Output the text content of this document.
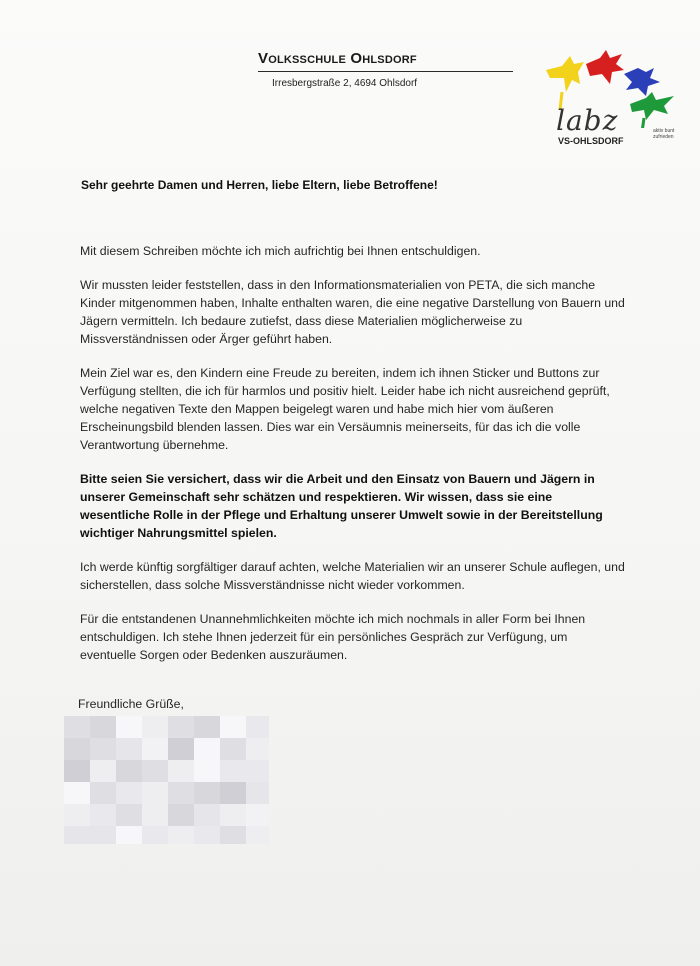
Volksschule Ohlsdorf
Irresbergstraße 2, 4694 Ohlsdorf
labz
VS-OHLSDORF
aktiv bunt zufrieden
Sehr geehrte Damen und Herren, liebe Eltern, liebe Betroffene!

Mit diesem Schreiben möchte ich mich aufrichtig bei Ihnen entschuldigen.

Wir mussten leider feststellen, dass in den Informationsmaterialien von PETA, die sich manche Kinder mitgenommen haben, Inhalte enthalten waren, die eine negative Darstellung von Bauern und Jägern vermitteln. Ich bedaure zutiefst, dass diese Materialien möglicherweise zu Missverständnissen oder Ärger geführt haben.

Mein Ziel war es, den Kindern eine Freude zu bereiten, indem ich ihnen Sticker und Buttons zur Verfügung stellten, die ich für harmlos und positiv hielt. Leider habe ich nicht ausreichend geprüft, welche negativen Texte den Mappen beigelegt waren und habe mich hier vom äußeren Erscheinungsbild blenden lassen. Dies war ein Versäumnis meinerseits, für das ich die volle Verantwortung übernehme.

Bitte seien Sie versichert, dass wir die Arbeit und den Einsatz von Bauern und Jägern in unserer Gemeinschaft sehr schätzen und respektieren. Wir wissen, dass sie eine wesentliche Rolle in der Pflege und Erhaltung unserer Umwelt sowie in der Bereitstellung wichtiger Nahrungsmittel spielen.

Ich werde künftig sorgfältiger darauf achten, welche Materialien wir an unserer Schule auflegen, und sicherstellen, dass solche Missverständnisse nicht wieder vorkommen.

Für die entstandenen Unannehmlichkeiten möchte ich mich nochmals in aller Form bei Ihnen entschuldigen. Ich stehe Ihnen jederzeit für ein persönliches Gespräch zur Verfügung, um eventuelle Sorgen oder Bedenken auszuräumen.

Freundliche Grüße,
